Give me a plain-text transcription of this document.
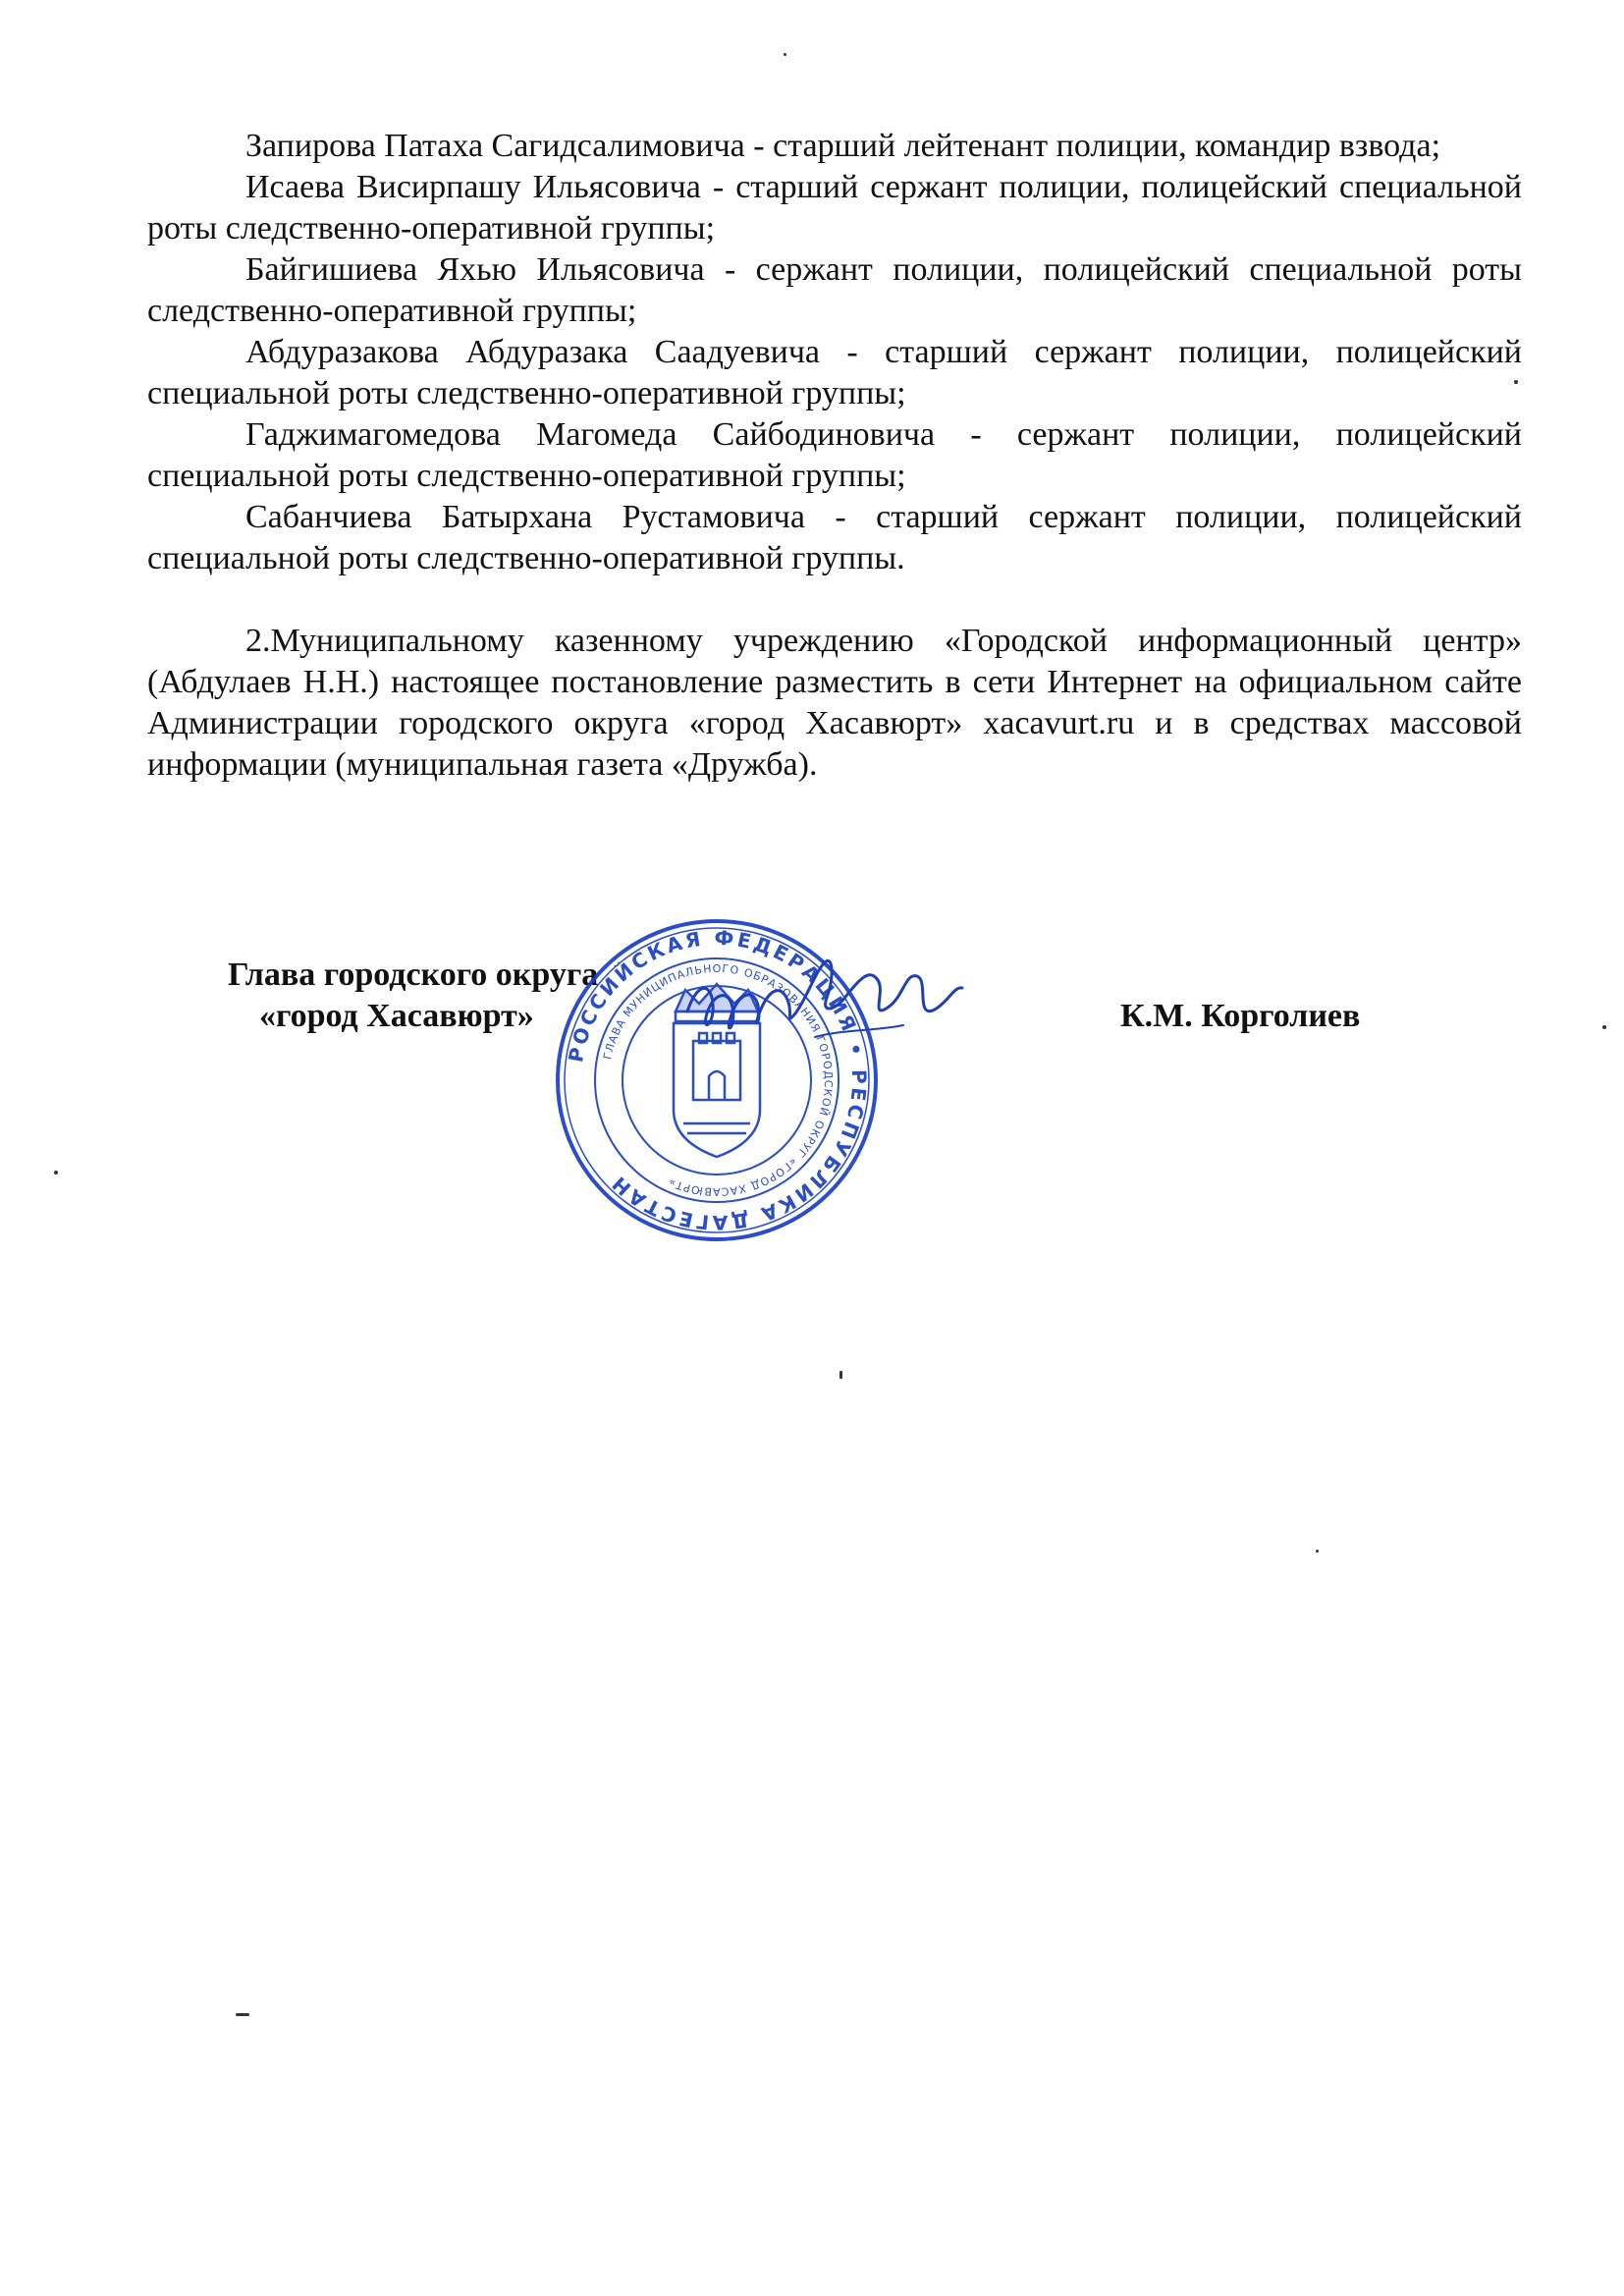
Запирова Патаха Сагидсалимовича - старший лейтенант полиции, командир взвода;

Исаева Висирпашу Ильясовича - старший сержант полиции, полицейский специальной роты следственно-оперативной группы;

Байгишиева Яхью Ильясовича - сержант полиции, полицейский специальной роты следственно-оперативной группы;

Абдуразакова Абдуразака Саадуевича - старший сержант полиции, полицейский специальной роты следственно-оперативной группы;

Гаджимагомедова Магомеда Сайбодиновича - сержант полиции, полицейский специальной роты следственно-оперативной группы;

Сабанчиева Батырхана Рустамовича - старший сержант полиции, полицейский специальной роты следственно-оперативной группы.

2.Муниципальному казенному учреждению «Городской информационный центр» (Абдулаев Н.Н.) настоящее постановление разместить в сети Интернет на официальном сайте Администрации городского округа «город Хасавюрт» xacavurt.ru и в средствах массовой информации (муниципальная газета «Дружба).

Глава городского округа
«город Хасавюрт»	К.М. Корголиев
РОССИЙСКАЯ ФЕДЕРАЦИЯ • РЕСПУБЛИКА ДАГЕСТАН
ГЛАВА МУНИЦИПАЛЬНОГО ОБРАЗОВАНИЯ ГОРОДСКОЙ ОКРУГ «ГОРОД ХАСАВЮРТ»
